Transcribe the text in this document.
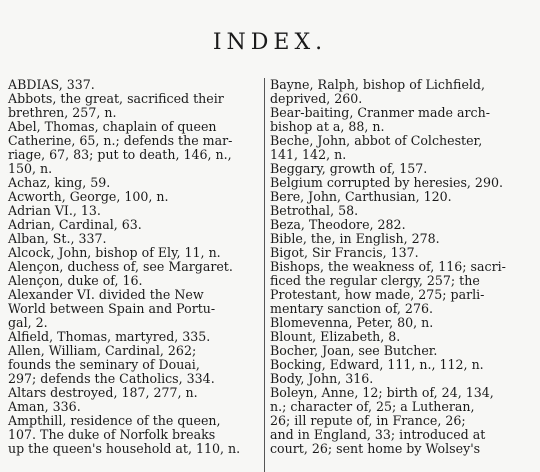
INDEX.
ABDIAS, 337.
Abbots, the great, sacrificed their
brethren, 257, n.
Abel, Thomas, chaplain of queen
Catherine, 65, n.; defends the mar-
riage, 67, 83; put to death, 146, n.,
150, n.
Achaz, king, 59.
Acworth, George, 100, n.
Adrian VI., 13.
Adrian, Cardinal, 63.
Alban, St., 337.
Alcock, John, bishop of Ely, 11, n.
Alençon, duchess of, see Margaret.
Alençon, duke of, 16.
Alexander VI. divided the New
World between Spain and Portu-
gal, 2.
Alfield, Thomas, martyred, 335.
Allen, William, Cardinal, 262;
founds the seminary of Douai,
297; defends the Catholics, 334.
Altars destroyed, 187, 277, n.
Aman, 336.
Ampthill, residence of the queen,
107. The duke of Norfolk breaks
up the queen's household at, 110, n.
Bayne, Ralph, bishop of Lichfield,
deprived, 260.
Bear-baiting, Cranmer made arch-
bishop at a, 88, n.
Beche, John, abbot of Colchester,
141, 142, n.
Beggary, growth of, 157.
Belgium corrupted by heresies, 290.
Bere, John, Carthusian, 120.
Betrothal, 58.
Beza, Theodore, 282.
Bible, the, in English, 278.
Bigot, Sir Francis, 137.
Bishops, the weakness of, 116; sacri-
ficed the regular clergy, 257; the
Protestant, how made, 275; parli-
mentary sanction of, 276.
Blomevenna, Peter, 80, n.
Blount, Elizabeth, 8.
Bocher, Joan, see Butcher.
Bocking, Edward, 111, n., 112, n.
Body, John, 316.
Boleyn, Anne, 12; birth of, 24, 134,
n.; character of, 25; a Lutheran,
26; ill repute of, in France, 26;
and in England, 33; introduced at
court, 26; sent home by Wolsey's
